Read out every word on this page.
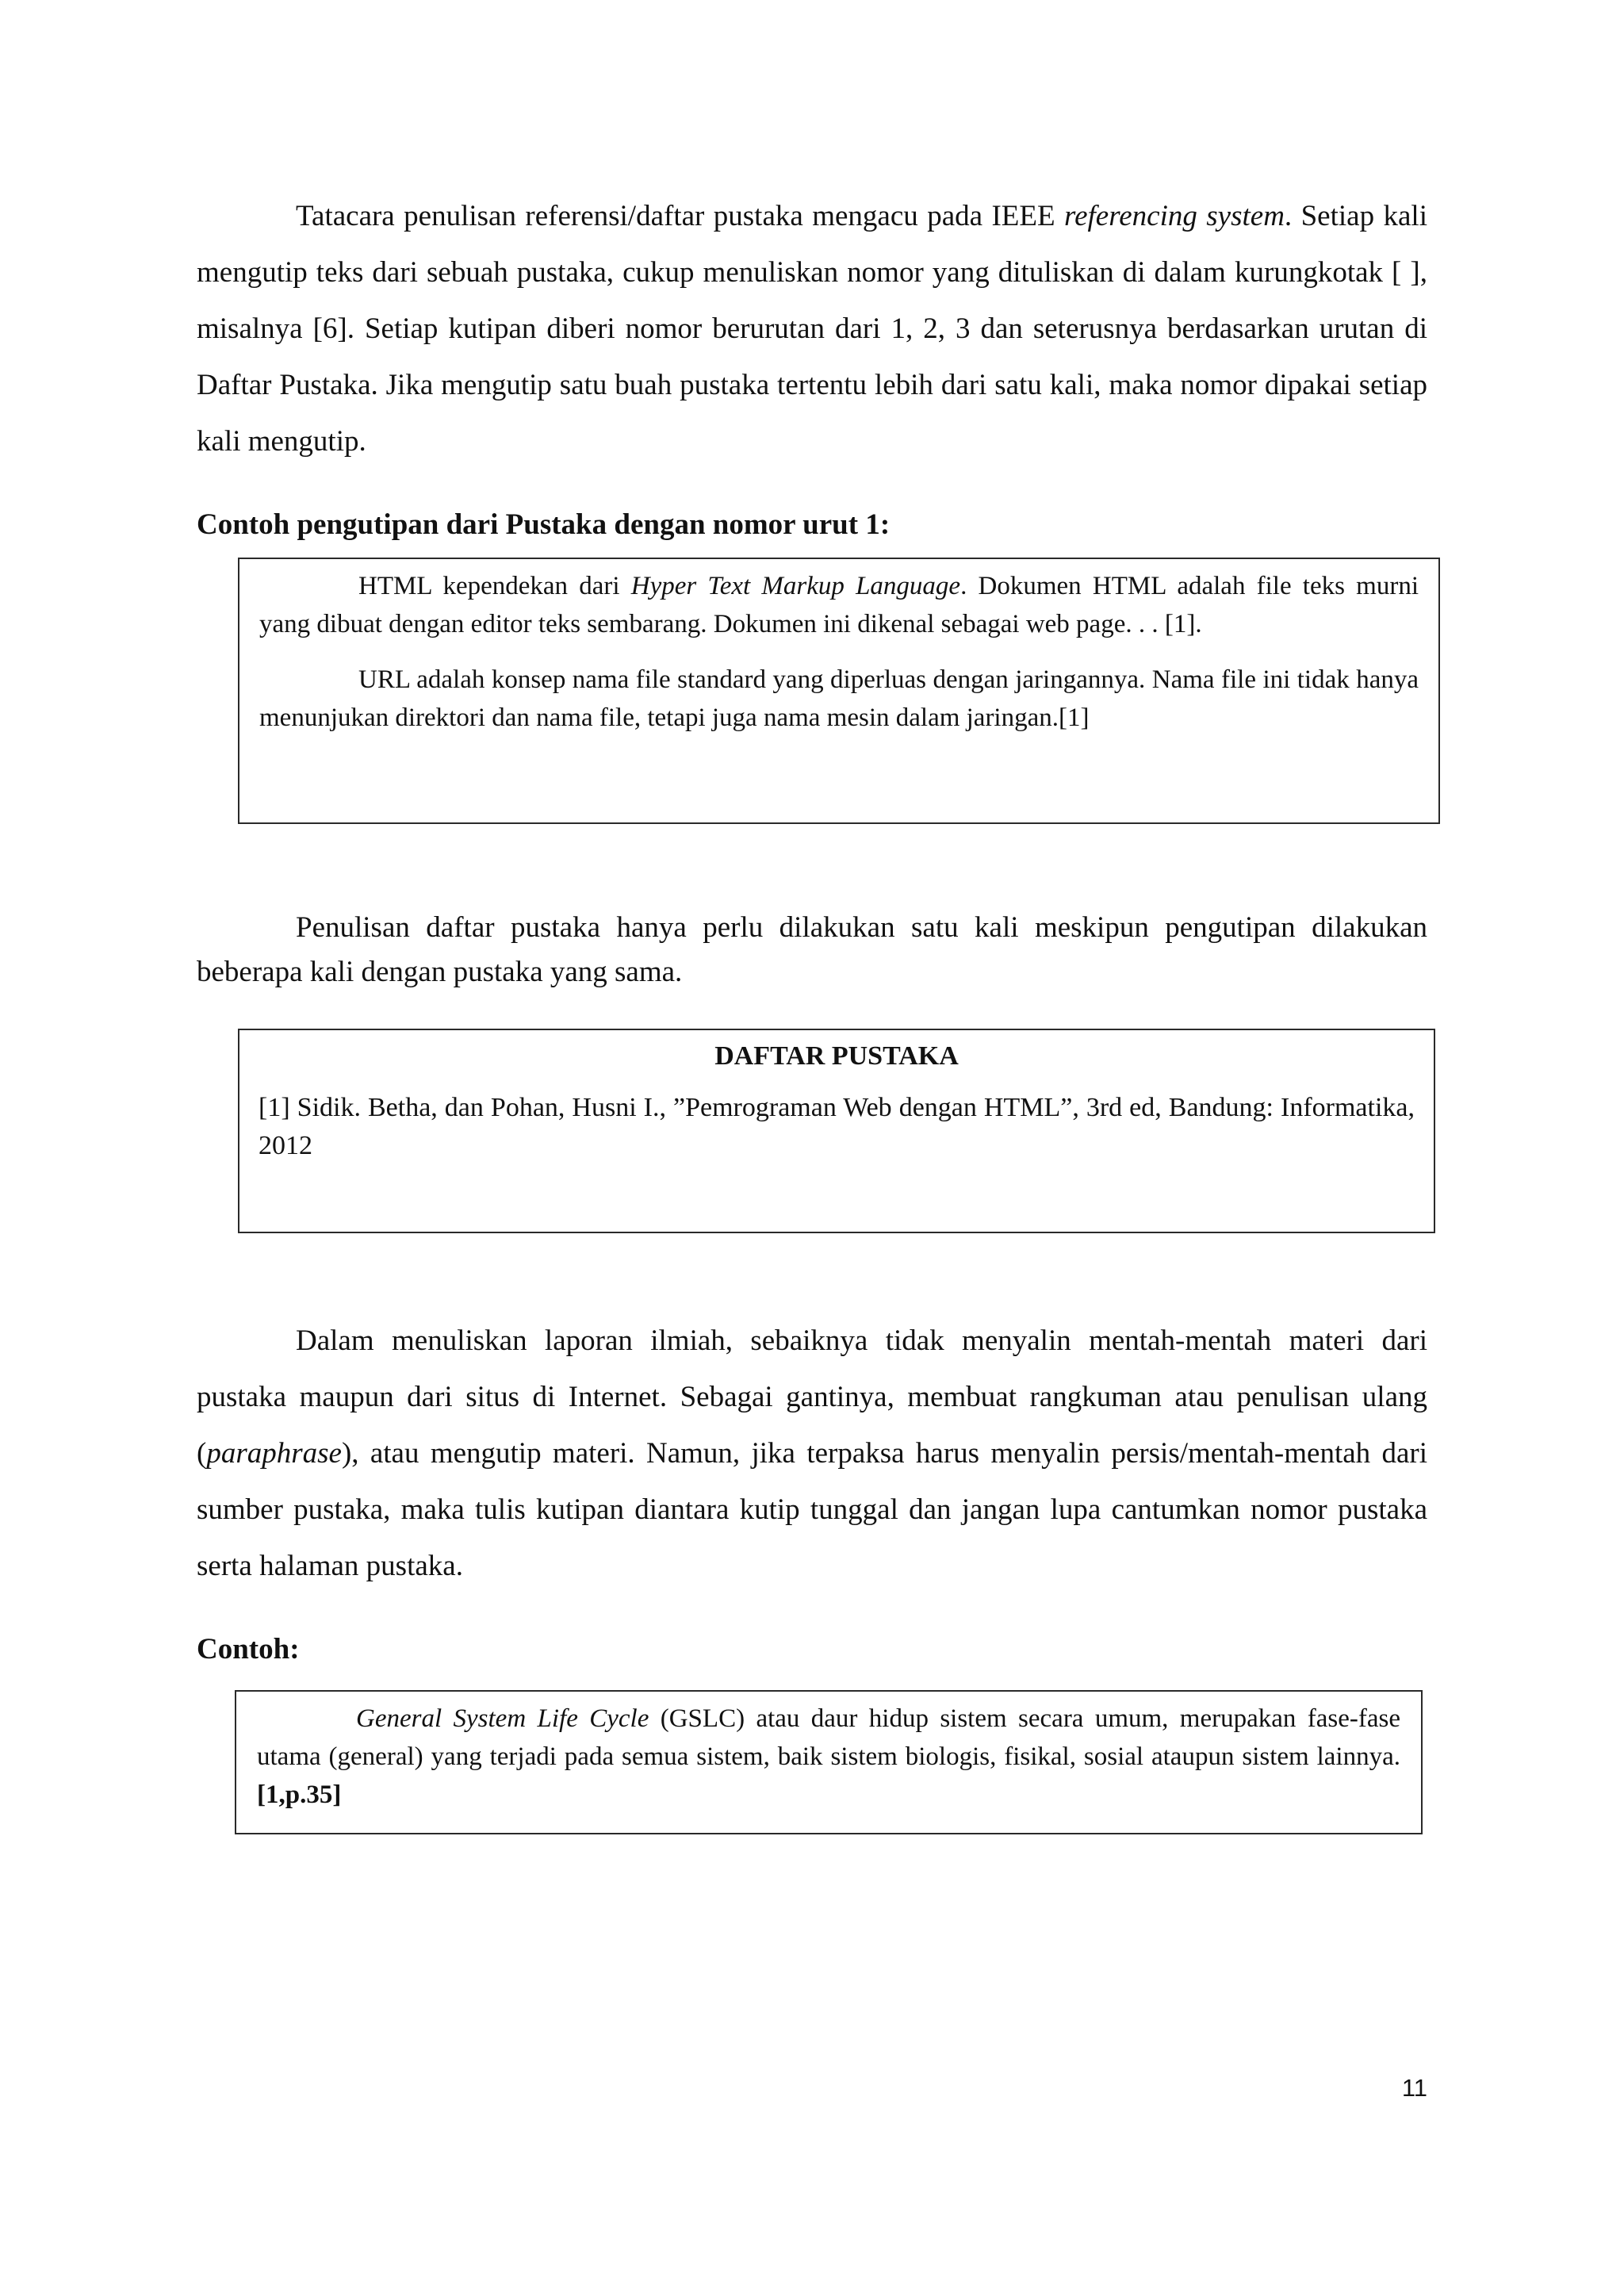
Tatacara penulisan referensi/daftar pustaka mengacu pada IEEE referencing system. Setiap kali mengutip teks dari sebuah pustaka, cukup menuliskan nomor yang dituliskan di dalam kurungkotak [ ], misalnya [6]. Setiap kutipan diberi nomor berurutan dari 1, 2, 3 dan seterusnya berdasarkan urutan di Daftar Pustaka. Jika mengutip satu buah pustaka tertentu lebih dari satu kali, maka nomor dipakai setiap kali mengutip.

Contoh pengutipan dari Pustaka dengan nomor urut 1:

HTML kependekan dari Hyper Text Markup Language. Dokumen HTML adalah file teks murni yang dibuat dengan editor teks sembarang. Dokumen ini dikenal sebagai web page. . . [1].

URL adalah konsep nama file standard yang diperluas dengan jaringannya. Nama file ini tidak hanya menunjukan direktori dan nama file, tetapi juga nama mesin dalam jaringan.[1]

Penulisan daftar pustaka hanya perlu dilakukan satu kali meskipun pengutipan dilakukan beberapa kali dengan pustaka yang sama.

DAFTAR PUSTAKA

[1] Sidik. Betha, dan Pohan, Husni I., ”Pemrograman Web dengan HTML”, 3rd ed, Bandung: Informatika, 2012

Dalam menuliskan laporan ilmiah, sebaiknya tidak menyalin mentah-mentah materi dari pustaka maupun dari situs di Internet. Sebagai gantinya, membuat rangkuman atau penulisan ulang (paraphrase), atau mengutip materi. Namun, jika terpaksa harus menyalin persis/mentah-mentah dari sumber pustaka, maka tulis kutipan diantara kutip tunggal dan jangan lupa cantumkan nomor pustaka serta halaman pustaka.

Contoh:

General System Life Cycle (GSLC) atau daur hidup sistem secara umum, merupakan fase-fase utama (general) yang terjadi pada semua sistem, baik sistem biologis, fisikal, sosial ataupun sistem lainnya.[1,p.35]

11
